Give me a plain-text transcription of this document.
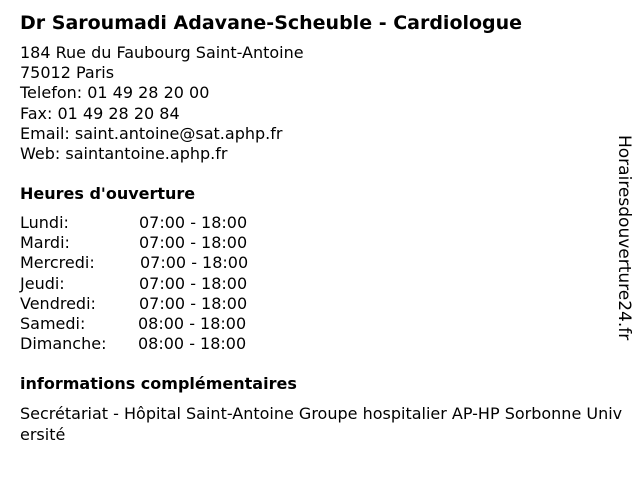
Dr Saroumadi Adavane-Scheuble - Cardiologue
184 Rue du Faubourg Saint-Antoine
75012 Paris
Telefon: 01 49 28 20 00
Fax: 01 49 28 20 84
Email: saint.antoine@sat.aphp.fr
Web: saintantoine.aphp.fr
Heures d'ouverture
Lundi:	07:00 - 18:00
Mardi:	07:00 - 18:00
Mercredi:	07:00 - 18:00
Jeudi:	07:00 - 18:00
Vendredi:	07:00 - 18:00
Samedi:	08:00 - 18:00
Dimanche: 08:00 - 18:00
informations complémentaires
Secrétariat - Hôpital Saint-Antoine Groupe hospitalier AP-HP Sorbonne Université
Horairesdouverture24.fr
